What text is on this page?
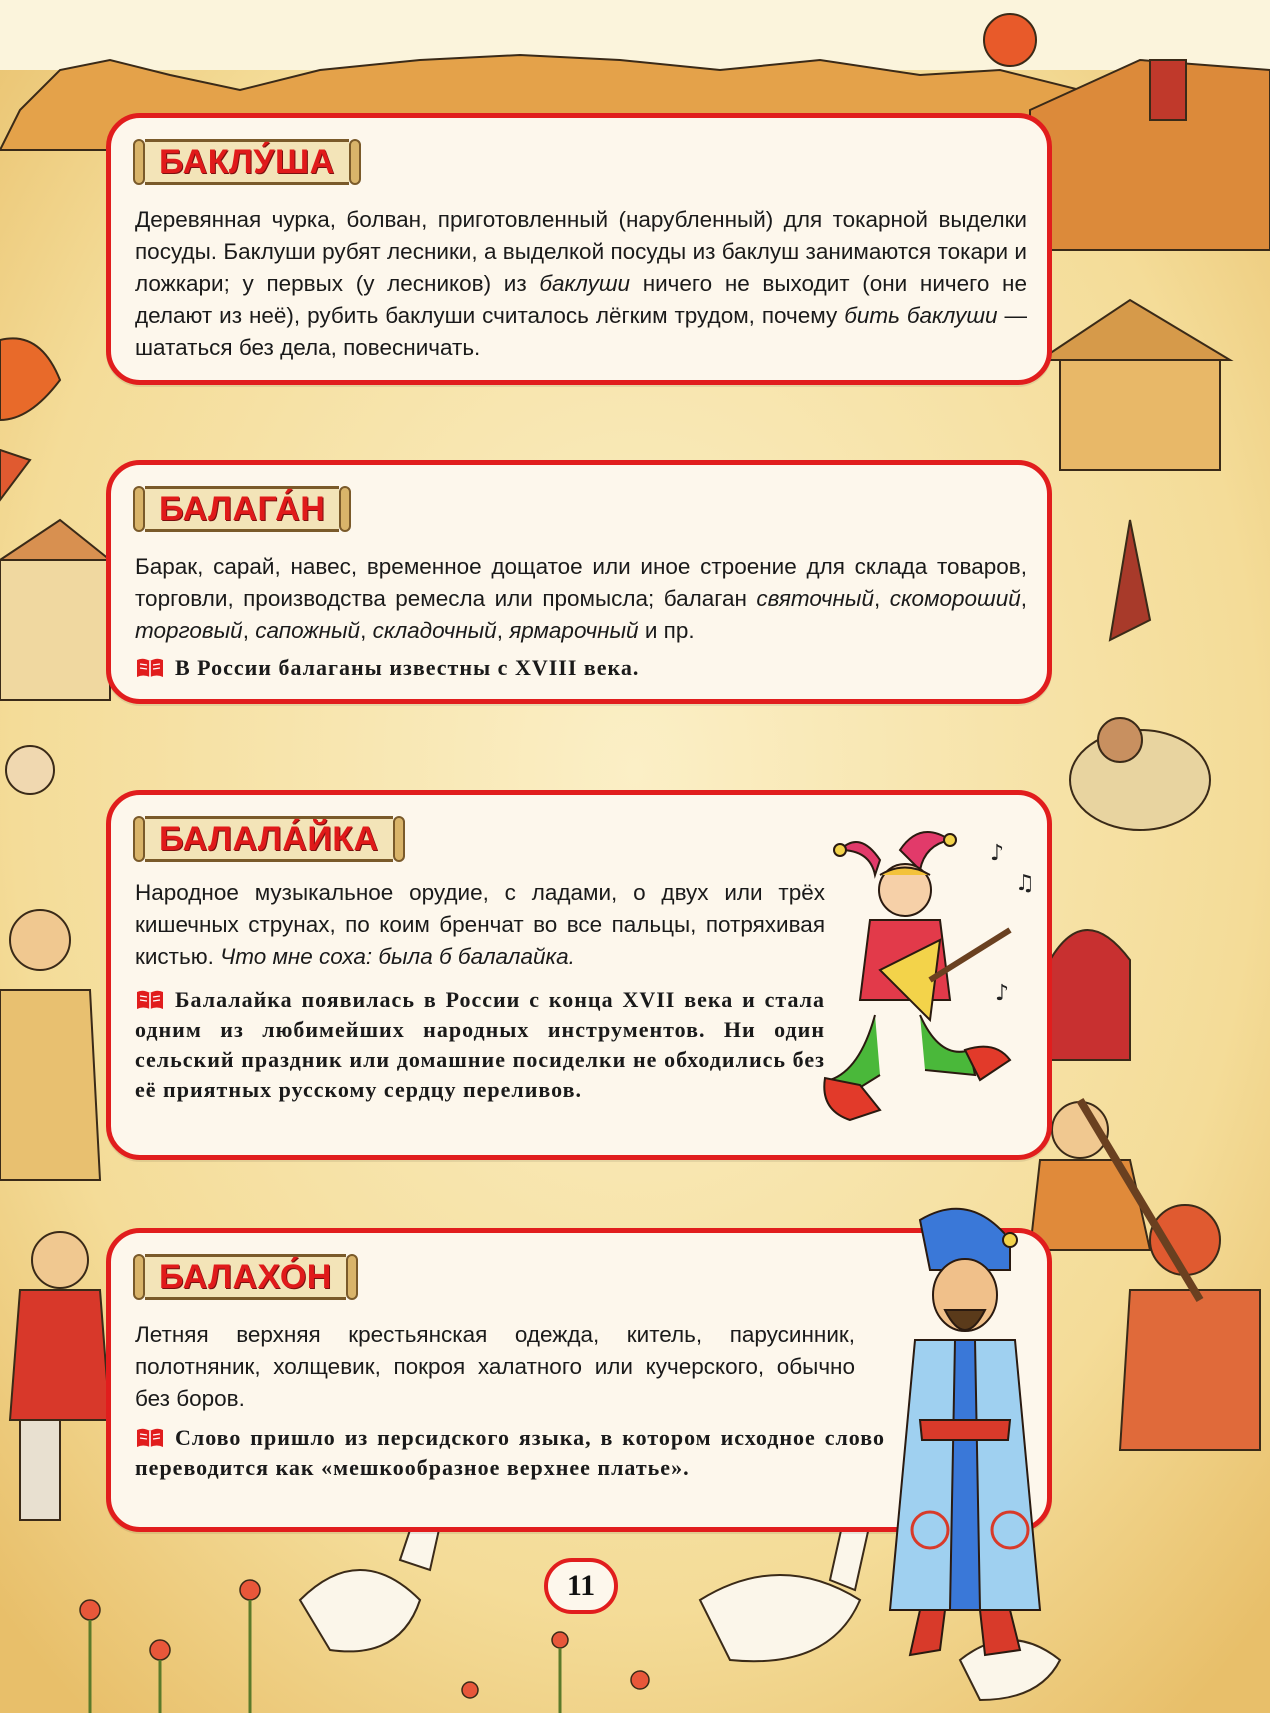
БАКЛУ́ША

Деревянная чурка, болван, приготовленный (нарубленный) для токарной выделки посуды. Баклуши рубят лесники, а выделкой посуды из баклуш занимаются токари и ложкари; у первых (у лесников) из баклуши ничего не выходит (они ничего не делают из неё), рубить баклуши считалось лёгким трудом, почему бить баклуши — шататься без дела, повесничать.

БАЛАГА́Н

Барак, сарай, навес, временное дощатое или иное строение для склада товаров, торговли, производства ремесла или промысла; балаган святочный, скомороший, торговый, сапожный, складочный, ярмарочный и пр.

В России балаганы известны с XVIII века.

БАЛАЛА́ЙКА

Народное музыкальное орудие, с ладами, о двух или трёх кишечных струнах, по коим бренчат во все пальцы, потряхивая кистью. Что мне соха: была б балалайка.

Балалайка появилась в России с конца XVII века и стала одним из любимейших народных инструментов. Ни один сельский праздник или домашние посиделки не обходились без её приятных русскому сердцу переливов.

БАЛАХО́Н

Летняя верхняя крестьянская одежда, китель, парусинник, полотняник, холщевик, покроя халатного или кучерского, обычно без боров.

Слово пришло из персидского языка, в котором исходное слово переводится как «мешкообразное верхнее платье».

♪
♫
♪
11
